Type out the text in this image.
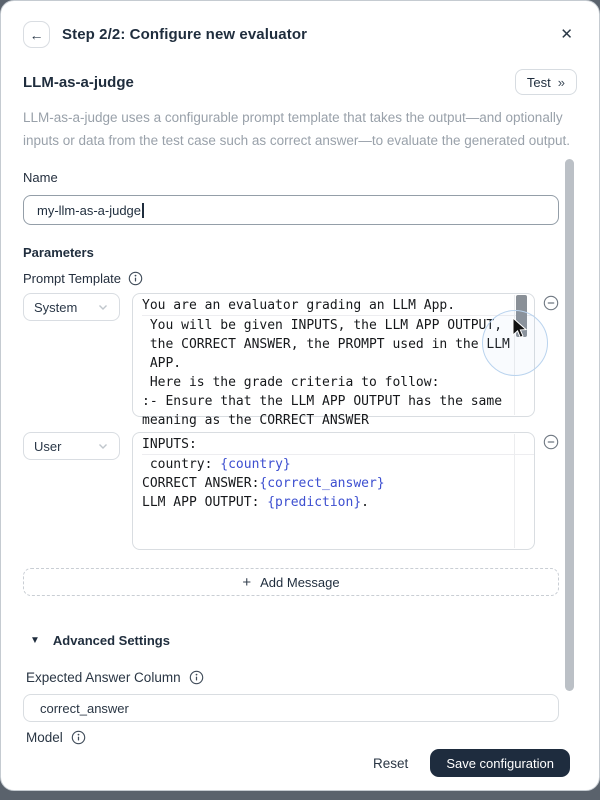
← Step 2/2: Configure new evaluator	✕
LLM-as-a-judge	Test »
LLM-as-a-judge uses a configurable prompt template that takes the output—and optionally inputs or data from the test case such as correct answer—to evaluate the generated output.
Name
my-llm-as-a-judge
Parameters
Prompt Template
System	You are an evaluator grading an LLM App.
You will be given INPUTS, the LLM APP OUTPUT,
the CORRECT ANSWER, the PROMPT used in the LLM
APP.
Here is the grade criteria to follow:
:- Ensure that the LLM APP OUTPUT has the same
meaning as the CORRECT ANSWER
User	INPUTS:
country: {country}
CORRECT ANSWER:{correct_answer}
LLM APP OUTPUT: {prediction}.
+ Add Message
▼ Advanced Settings
Expected Answer Column
correct_answer
Model
Reset	Save configuration
